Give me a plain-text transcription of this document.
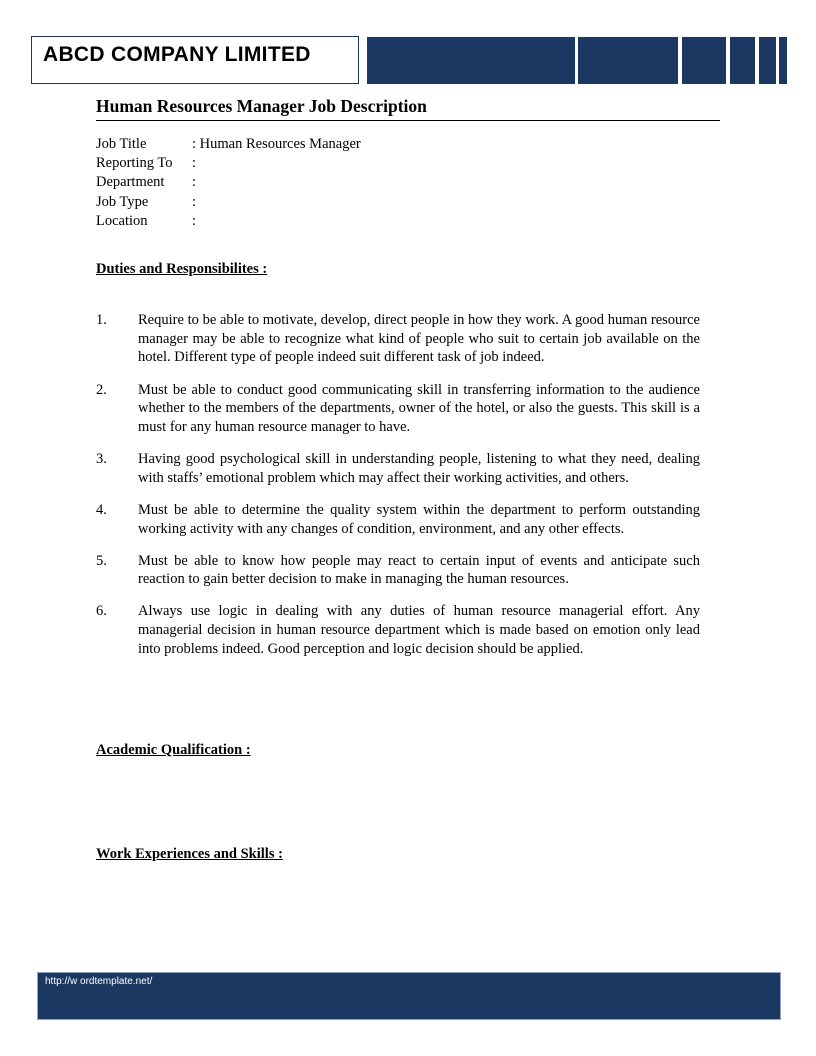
ABCD COMPANY LIMITED
Human Resources Manager Job Description
Job Title	: Human Resources Manager
Reporting To :
Department :
Job Type	:
Location	:
Duties and Responsibilites :
1. Require to be able to motivate, develop, direct people in how they work. A good human resource manager may be able to recognize what kind of people who suit to certain job available on the hotel. Different type of people indeed suit different task of job indeed.
2. Must be able to conduct good communicating skill in transferring information to the audience whether to the members of the departments, owner of the hotel, or also the guests. This skill is a must for any human resource manager to have.
3. Having good psychological skill in understanding people, listening to what they need, dealing with staffs’ emotional problem which may affect their working activities, and others.
4. Must be able to determine the quality system within the department to perform outstanding working activity with any changes of condition, environment, and any other effects.
5. Must be able to know how people may react to certain input of events and anticipate such reaction to gain better decision to make in managing the human resources.
6. Always use logic in dealing with any duties of human resource managerial effort. Any managerial decision in human resource department which is made based on emotion only lead into problems indeed. Good perception and logic decision should be applied.
Academic Qualification :
Work Experiences and Skills :
http://w ordtemplate.net/
